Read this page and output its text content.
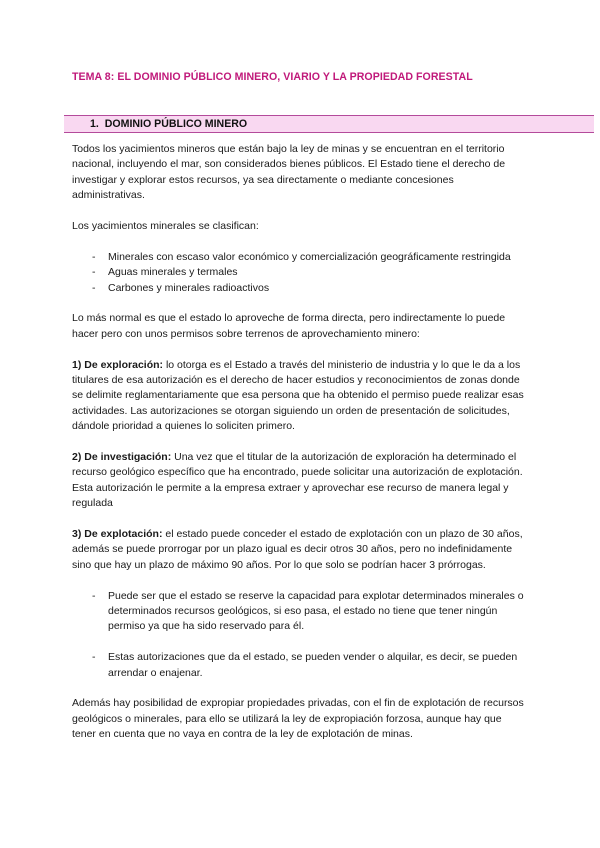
TEMA 8: EL DOMINIO PÚBLICO MINERO, VIARIO Y LA PROPIEDAD FORESTAL
1. DOMINIO PÚBLICO MINERO

Todos los yacimientos mineros que están bajo la ley de minas y se encuentran en el territorio nacional, incluyendo el mar, son considerados bienes públicos. El Estado tiene el derecho de investigar y explorar estos recursos, ya sea directamente o mediante concesiones administrativas.

Los yacimientos minerales se clasifican:

- Minerales con escaso valor económico y comercialización geográficamente restringida
- Aguas minerales y termales
- Carbones y minerales radioactivos

Lo más normal es que el estado lo aproveche de forma directa, pero indirectamente lo puede hacer pero con unos permisos sobre terrenos de aprovechamiento minero:

1) De exploración: lo otorga es el Estado a través del ministerio de industria y lo que le da a los titulares de esa autorización es el derecho de hacer estudios y reconocimientos de zonas donde se delimite reglamentariamente que esa persona que ha obtenido el permiso puede realizar esas actividades. Las autorizaciones se otorgan siguiendo un orden de presentación de solicitudes, dándole prioridad a quienes lo soliciten primero.

2) De investigación: Una vez que el titular de la autorización de exploración ha determinado el recurso geológico específico que ha encontrado, puede solicitar una autorización de explotación. Esta autorización le permite a la empresa extraer y aprovechar ese recurso de manera legal y regulada

3) De explotación: el estado puede conceder el estado de explotación con un plazo de 30 años, además se puede prorrogar por un plazo igual es decir otros 30 años, pero no indefinidamente sino que hay un plazo de máximo 90 años. Por lo que solo se podrían hacer 3 prórrogas.

- Puede ser que el estado se reserve la capacidad para explotar determinados minerales o determinados recursos geológicos, si eso pasa, el estado no tiene que tener ningún permiso ya que ha sido reservado para él.
- Estas autorizaciones que da el estado, se pueden vender o alquilar, es decir, se pueden arrendar o enajenar.

Además hay posibilidad de expropiar propiedades privadas, con el fin de explotación de recursos geológicos o minerales, para ello se utilizará la ley de expropiación forzosa, aunque hay que tener en cuenta que no vaya en contra de la ley de explotación de minas.
